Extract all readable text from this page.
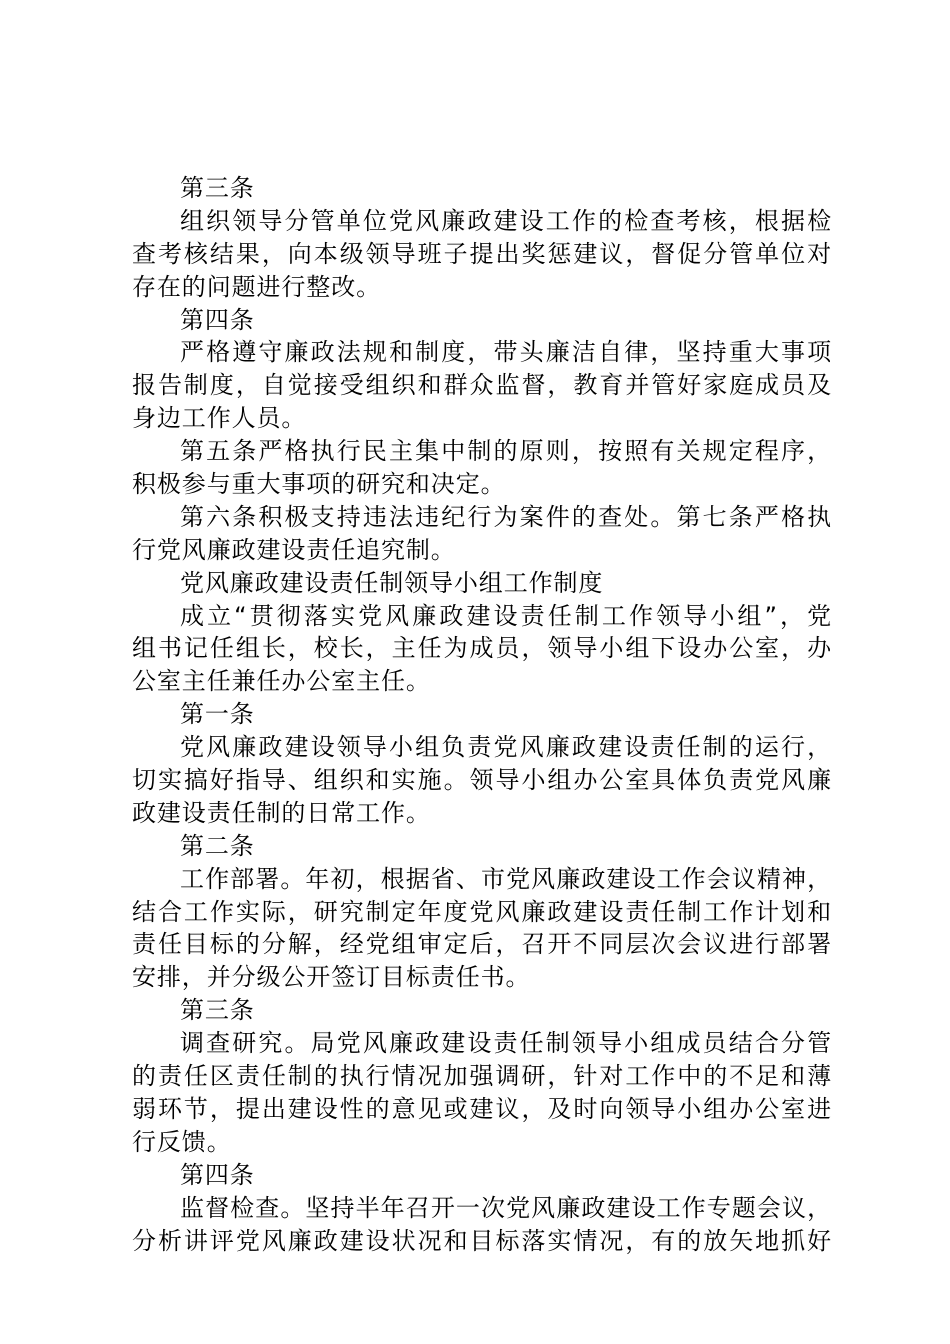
第三条
组织领导分管单位党风廉政建设工作的检查考核，根据检
查考核结果，向本级领导班子提出奖惩建议，督促分管单位对
存在的问题进行整改。
第四条
严格遵守廉政法规和制度，带头廉洁自律，坚持重大事项
报告制度，自觉接受组织和群众监督，教育并管好家庭成员及
身边工作人员。
第五条严格执行民主集中制的原则，按照有关规定程序，
积极参与重大事项的研究和决定。
第六条积极支持违法违纪行为案件的查处。第七条严格执
行党风廉政建设责任追究制。
党风廉政建设责任制领导小组工作制度
成立“贯彻落实党风廉政建设责任制工作领导小组”，党
组书记任组长，校长，主任为成员，领导小组下设办公室，办
公室主任兼任办公室主任。
第一条
党风廉政建设领导小组负责党风廉政建设责任制的运行，
切实搞好指导、组织和实施。领导小组办公室具体负责党风廉
政建设责任制的日常工作。
第二条
工作部署。年初，根据省、市党风廉政建设工作会议精神，
结合工作实际，研究制定年度党风廉政建设责任制工作计划和
责任目标的分解，经党组审定后，召开不同层次会议进行部署
安排，并分级公开签订目标责任书。
第三条
调查研究。局党风廉政建设责任制领导小组成员结合分管
的责任区责任制的执行情况加强调研，针对工作中的不足和薄
弱环节，提出建设性的意见或建议，及时向领导小组办公室进
行反馈。
第四条
监督检查。坚持半年召开一次党风廉政建设工作专题会议，
分析讲评党风廉政建设状况和目标落实情况，有的放矢地抓好
